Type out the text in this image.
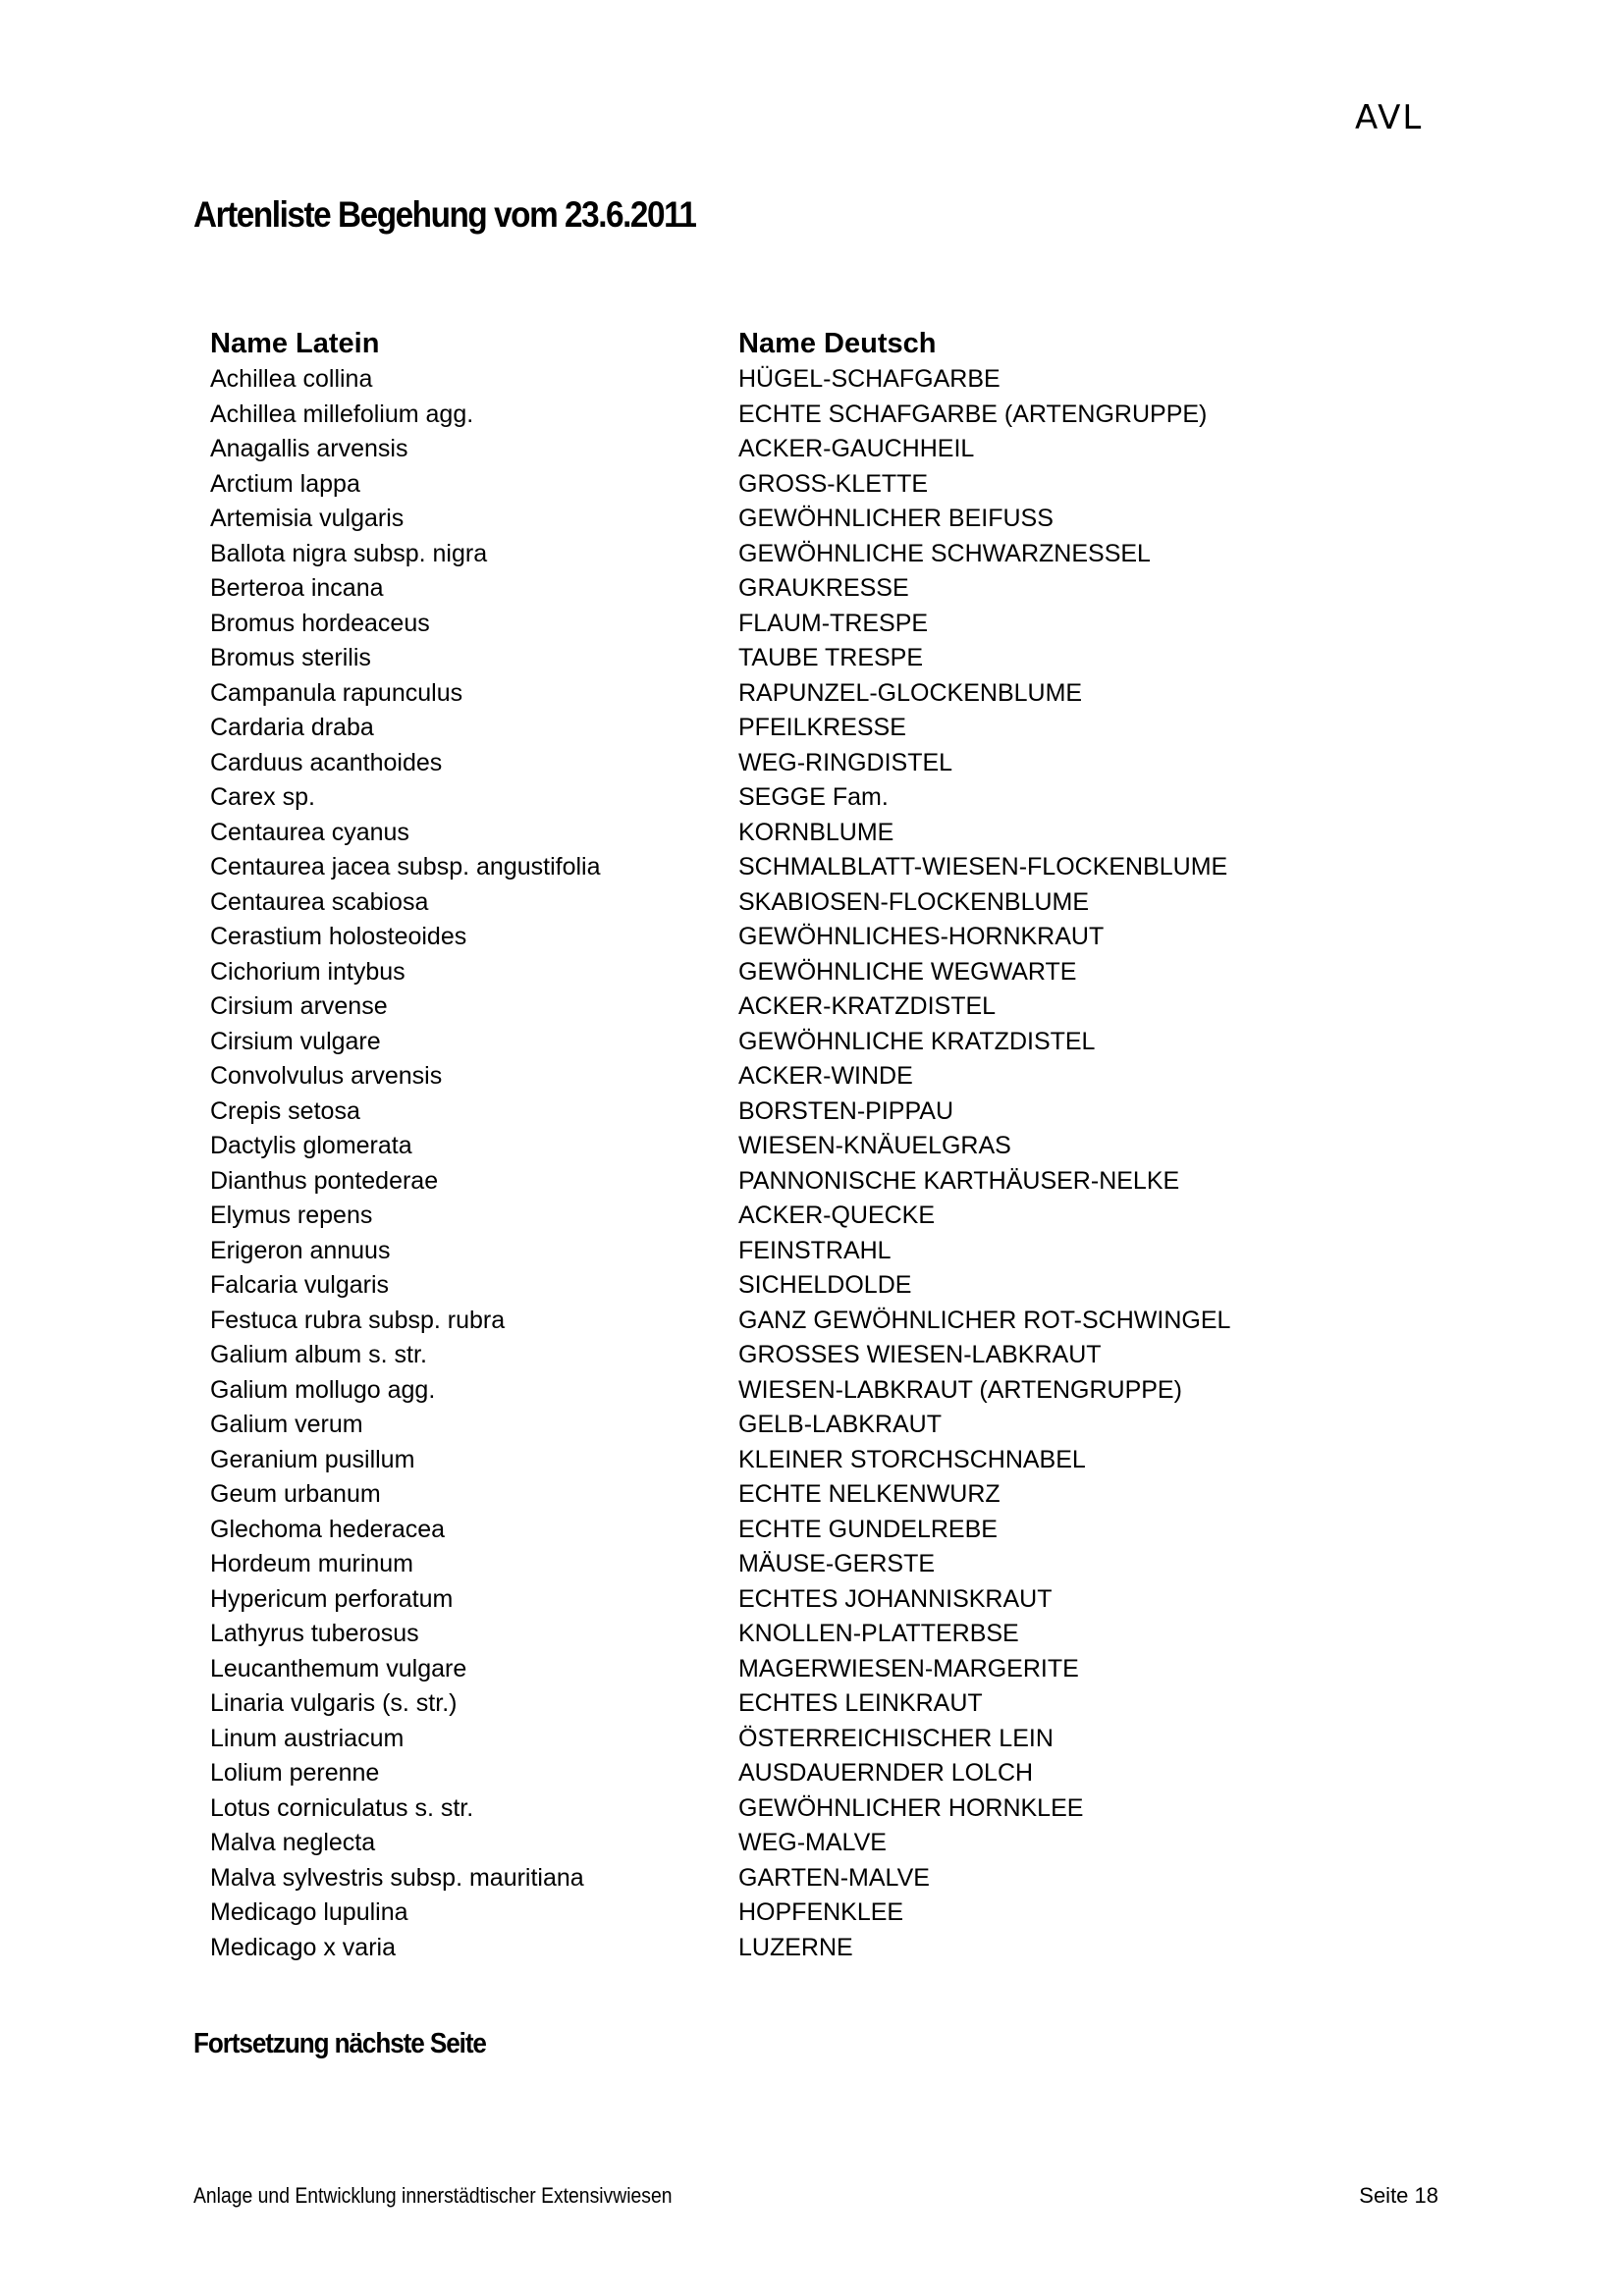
AVL
Artenliste Begehung vom 23.6.2011
Name Latein	Name Deutsch
Achillea collina	HÜGEL-SCHAFGARBE
Achillea millefolium agg.	ECHTE SCHAFGARBE (ARTENGRUPPE)
Anagallis arvensis	ACKER-GAUCHHEIL
Arctium lappa	GROSS-KLETTE
Artemisia vulgaris	GEWÖHNLICHER BEIFUSS
Ballota nigra subsp. nigra	GEWÖHNLICHE SCHWARZNESSEL
Berteroa incana	GRAUKRESSE
Bromus hordeaceus	FLAUM-TRESPE
Bromus sterilis	TAUBE TRESPE
Campanula rapunculus	RAPUNZEL-GLOCKENBLUME
Cardaria draba	PFEILKRESSE
Carduus acanthoides	WEG-RINGDISTEL
Carex sp.	SEGGE Fam.
Centaurea cyanus	KORNBLUME
Centaurea jacea subsp. angustifolia	SCHMALBLATT-WIESEN-FLOCKENBLUME
Centaurea scabiosa	SKABIOSEN-FLOCKENBLUME
Cerastium holosteoides	GEWÖHNLICHES-HORNKRAUT
Cichorium intybus	GEWÖHNLICHE WEGWARTE
Cirsium arvense	ACKER-KRATZDISTEL
Cirsium vulgare	GEWÖHNLICHE KRATZDISTEL
Convolvulus arvensis	ACKER-WINDE
Crepis setosa	BORSTEN-PIPPAU
Dactylis glomerata	WIESEN-KNÄUELGRAS
Dianthus pontederae	PANNONISCHE KARTHÄUSER-NELKE
Elymus repens	ACKER-QUECKE
Erigeron annuus	FEINSTRAHL
Falcaria vulgaris	SICHELDOLDE
Festuca rubra subsp. rubra	GANZ GEWÖHNLICHER ROT-SCHWINGEL
Galium album s. str.	GROSSES WIESEN-LABKRAUT
Galium mollugo agg.	WIESEN-LABKRAUT (ARTENGRUPPE)
Galium verum	GELB-LABKRAUT
Geranium pusillum	KLEINER STORCHSCHNABEL
Geum urbanum	ECHTE NELKENWURZ
Glechoma hederacea	ECHTE GUNDELREBE
Hordeum murinum	MÄUSE-GERSTE
Hypericum perforatum	ECHTES JOHANNISKRAUT
Lathyrus tuberosus	KNOLLEN-PLATTERBSE
Leucanthemum vulgare	MAGERWIESEN-MARGERITE
Linaria vulgaris (s. str.)	ECHTES LEINKRAUT
Linum austriacum	ÖSTERREICHISCHER LEIN
Lolium perenne	AUSDAUERNDER LOLCH
Lotus corniculatus s. str.	GEWÖHNLICHER HORNKLEE
Malva neglecta	WEG-MALVE
Malva sylvestris subsp. mauritiana	GARTEN-MALVE
Medicago lupulina	HOPFENKLEE
Medicago x varia	LUZERNE
Fortsetzung nächste Seite
Anlage und Entwicklung innerstädtischer Extensivwiesen	Seite 18
